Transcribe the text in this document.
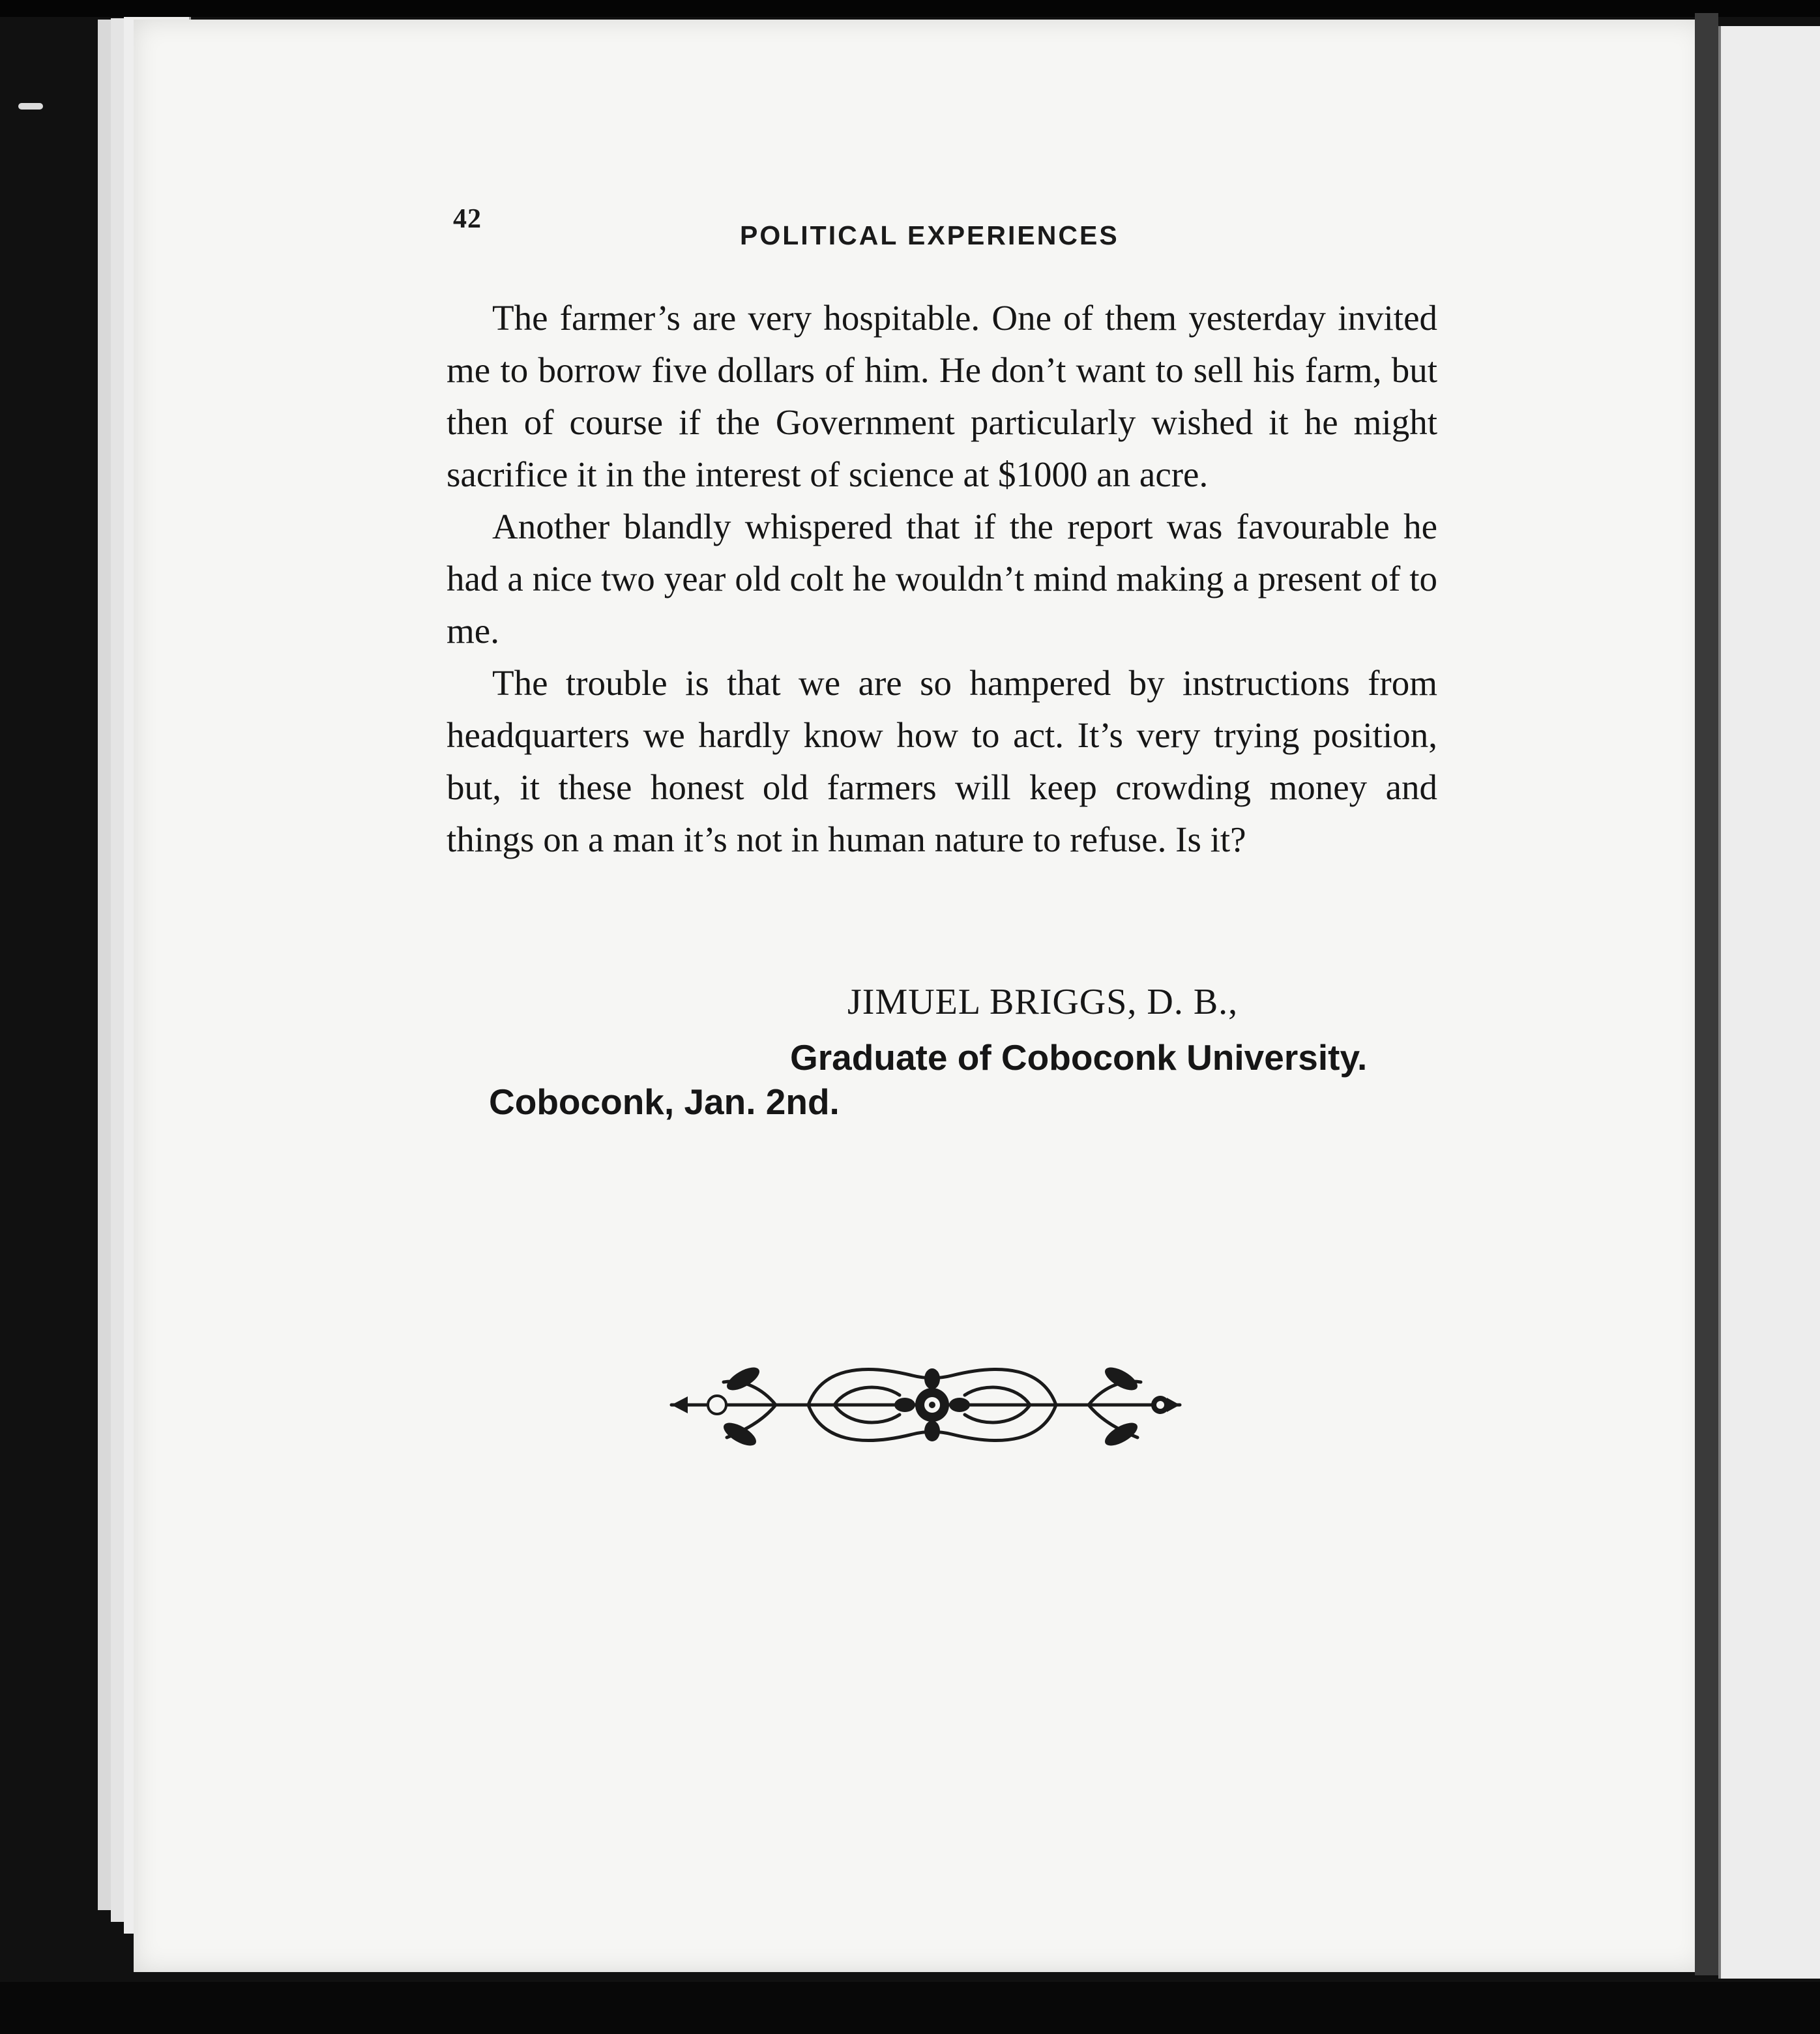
42
POLITICAL EXPERIENCES

The farmer’s are very hospitable. One of them yesterday invited me to borrow five dollars of him. He don’t want to sell his farm, but then of course if the Government particularly wished it he might sacrifice it in the interest of science at $1000 an acre.

Another blandly whispered that if the report was favourable he had a nice two year old colt he wouldn’t mind making a present of to me.

The trouble is that we are so hampered by instructions from headquarters we hardly know how to act. It’s very trying position, but, it these honest old farmers will keep crowding money and things on a man it’s not in human nature to refuse. Is it?

JIMUEL BRIGGS, D. B.,
Graduate of Coboconk University.
Coboconk, Jan. 2nd.
